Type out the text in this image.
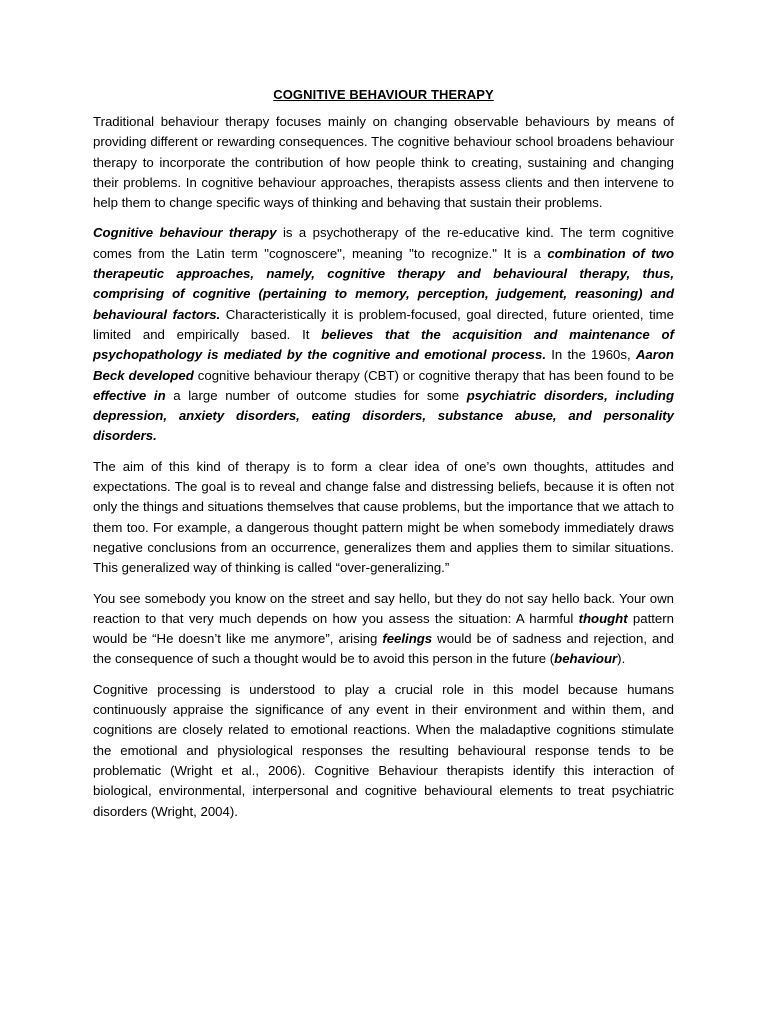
COGNITIVE BEHAVIOUR THERAPY

Traditional behaviour therapy focuses mainly on changing observable behaviours by means of providing different or rewarding consequences. The cognitive behaviour school broadens behaviour therapy to incorporate the contribution of how people think to creating, sustaining and changing their problems. In cognitive behaviour approaches, therapists assess clients and then intervene to help them to change specific ways of thinking and behaving that sustain their problems.

Cognitive behaviour therapy is a psychotherapy of the re-educative kind. The term cognitive comes from the Latin term "cognoscere", meaning "to recognize." It is a combination of two therapeutic approaches, namely, cognitive therapy and behavioural therapy, thus, comprising of cognitive (pertaining to memory, perception, judgement, reasoning) and behavioural factors. Characteristically it is problem-focused, goal directed, future oriented, time limited and empirically based. It believes that the acquisition and maintenance of psychopathology is mediated by the cognitive and emotional process. In the 1960s, Aaron Beck developed cognitive behaviour therapy (CBT) or cognitive therapy that has been found to be effective in a large number of outcome studies for some psychiatric disorders, including depression, anxiety disorders, eating disorders, substance abuse, and personality disorders.

The aim of this kind of therapy is to form a clear idea of one’s own thoughts, attitudes and expectations. The goal is to reveal and change false and distressing beliefs, because it is often not only the things and situations themselves that cause problems, but the importance that we attach to them too. For example, a dangerous thought pattern might be when somebody immediately draws negative conclusions from an occurrence, generalizes them and applies them to similar situations. This generalized way of thinking is called “over-generalizing.”

You see somebody you know on the street and say hello, but they do not say hello back. Your own reaction to that very much depends on how you assess the situation: A harmful thought pattern would be “He doesn’t like me anymore”, arising feelings would be of sadness and rejection, and the consequence of such a thought would be to avoid this person in the future (behaviour).

Cognitive processing is understood to play a crucial role in this model because humans continuously appraise the significance of any event in their environment and within them, and cognitions are closely related to emotional reactions. When the maladaptive cognitions stimulate the emotional and physiological responses the resulting behavioural response tends to be problematic (Wright et al., 2006). Cognitive Behaviour therapists identify this interaction of biological, environmental, interpersonal and cognitive behavioural elements to treat psychiatric disorders (Wright, 2004).
